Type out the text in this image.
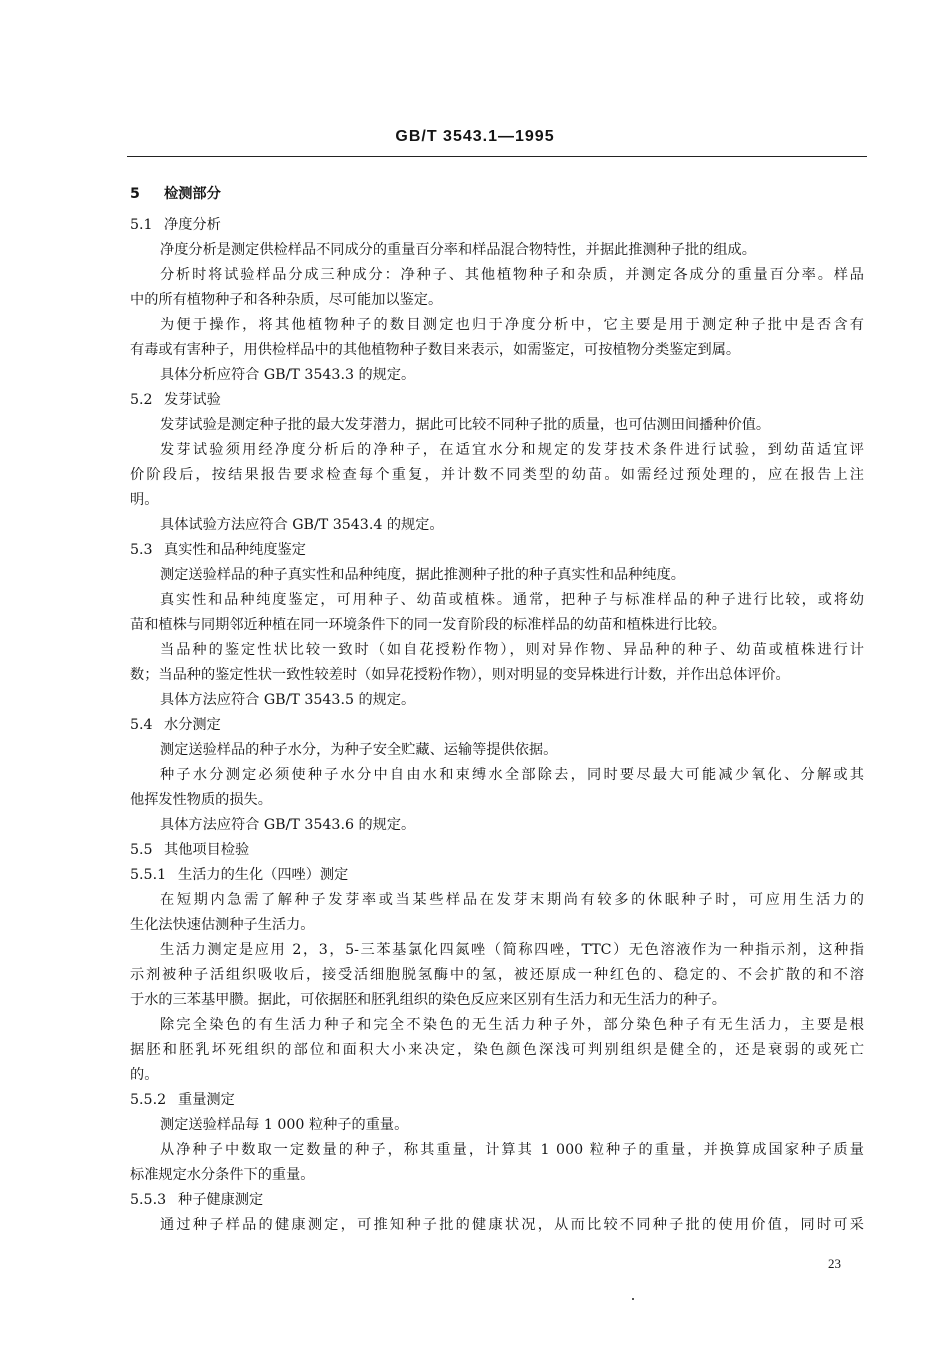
GB/T 3543.1—1995
5 检测部分
5.1 净度分析
净度分析是测定供检样品不同成分的重量百分率和样品混合物特性，并据此推测种子批的组成。
分析时将试验样品分成三种成分：净种子、其他植物种子和杂质，并测定各成分的重量百分率。样品
中的所有植物种子和各种杂质，尽可能加以鉴定。
为便于操作，将其他植物种子的数目测定也归于净度分析中，它主要是用于测定种子批中是否含有
有毒或有害种子，用供检样品中的其他植物种子数目来表示，如需鉴定，可按植物分类鉴定到属。
具体分析应符合 GB/T 3543.3 的规定。
5.2 发芽试验
发芽试验是测定种子批的最大发芽潜力，据此可比较不同种子批的质量，也可估测田间播种价值。
发芽试验须用经净度分析后的净种子，在适宜水分和规定的发芽技术条件进行试验，到幼苗适宜评
价阶段后，按结果报告要求检查每个重复，并计数不同类型的幼苗。如需经过预处理的，应在报告上注
明。
具体试验方法应符合 GB/T 3543.4 的规定。
5.3 真实性和品种纯度鉴定
测定送验样品的种子真实性和品种纯度，据此推测种子批的种子真实性和品种纯度。
真实性和品种纯度鉴定，可用种子、幼苗或植株。通常，把种子与标准样品的种子进行比较，或将幼
苗和植株与同期邻近种植在同一环境条件下的同一发育阶段的标准样品的幼苗和植株进行比较。
当品种的鉴定性状比较一致时（如自花授粉作物），则对异作物、异品种的种子、幼苗或植株进行计
数；当品种的鉴定性状一致性较差时（如异花授粉作物），则对明显的变异株进行计数，并作出总体评价。
具体方法应符合 GB/T 3543.5 的规定。
5.4 水分测定
测定送验样品的种子水分，为种子安全贮藏、运输等提供依据。
种子水分测定必须使种子水分中自由水和束缚水全部除去，同时要尽最大可能减少氧化、分解或其
他挥发性物质的损失。
具体方法应符合 GB/T 3543.6 的规定。
5.5 其他项目检验
5.5.1 生活力的生化（四唑）测定
在短期内急需了解种子发芽率或当某些样品在发芽末期尚有较多的休眠种子时，可应用生活力的
生化法快速估测种子生活力。
生活力测定是应用 2，3，5-三苯基氯化四氮唑（简称四唑，TTC）无色溶液作为一种指示剂，这种指
示剂被种子活组织吸收后，接受活细胞脱氢酶中的氢，被还原成一种红色的、稳定的、不会扩散的和不溶
于水的三苯基甲臜。据此，可依据胚和胚乳组织的染色反应来区别有生活力和无生活力的种子。
除完全染色的有生活力种子和完全不染色的无生活力种子外，部分染色种子有无生活力，主要是根
据胚和胚乳坏死组织的部位和面积大小来决定，染色颜色深浅可判别组织是健全的，还是衰弱的或死亡
的。
5.5.2 重量测定
测定送验样品每 1 000 粒种子的重量。
从净种子中数取一定数量的种子，称其重量，计算其 1 000 粒种子的重量，并换算成国家种子质量
标准规定水分条件下的重量。
5.5.3 种子健康测定
通过种子样品的健康测定，可推知种子批的健康状况，从而比较不同种子批的使用价值，同时可采
23
